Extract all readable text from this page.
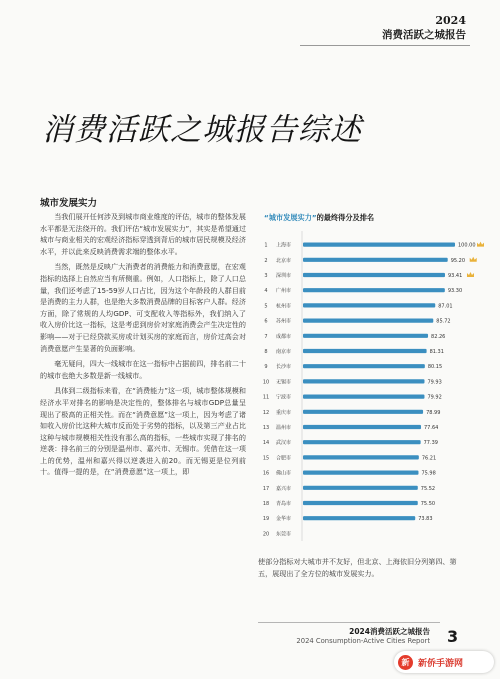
2024
消费活跃之城报告
消费活跃之城报告综述
城市发展实力

当我们展开任何涉及到城市商业维度的评估，城市的整体发展水平都是无法绕开的。我们评估“城市发展实力”，其实是希望通过城市与商业相关的宏观经济指标穿透到背后的城市居民规模及经济水平，并以此来反映消费需求端的整体水平。

当然，既然是反映广大消费者的消费能力和消费意愿，在宏观指标的选择上自然应当有所侧重。例如，人口指标上，除了人口总量，我们还考虑了15-59岁人口占比，因为这个年龄段的人群目前是消费的主力人群，也是绝大多数消费品牌的目标客户人群。经济方面，除了常规的人均GDP、可支配收入等指标外，我们纳入了收入房价比这一指标，这是考虑到房价对家庭消费会产生决定性的影响——对于已经贷款买房或计划买房的家庭而言，房价过高会对消费意愿产生显著的负面影响。

毫无疑问，四大一线城市在这一指标中占据前四，排名前二十的城市也绝大多数是新一线城市。

具体到二级指标来看，在“消费能力”这一项，城市整体规模和经济水平对排名的影响是决定性的，整体排名与城市GDP总量呈现出了极高的正相关性。而在“消费意愿”这一项上，因为考虑了诸如收入房价比这种大城市反而处于劣势的指标，以及第三产业占比这种与城市规模相关性没有那么高的指标，一些城市实现了排名的逆袭：排名前三的分别是温州市、嘉兴市、无锡市。凭借在这一项上的优势，温州和嘉兴得以逆袭进入前20。而无锡更是位列前十。值得一提的是，在“消费意愿”这一项上，即

“城市发展实力”的最终得分及排名
1 上海市	100.00
2 北京市	95.20
3 深圳市	93.41
4 广州市	93.30
5 杭州市	87.01
6 苏州市	85.72
7 成都市	82.26
8 南京市	81.31
9 长沙市	80.15
10 无锡市	79.93
11 宁波市	79.92
12 重庆市	78.99
13 温州市	77.64
14 武汉市	77.39
15 合肥市	76.21
16 佛山市	75.98
17 嘉兴市	75.52
18 青岛市	75.50
19 金华市	73.83
20 东莞市
使部分指标对大城市并不友好，但北京、上海依旧分列第四、第五，展现出了全方位的城市发展实力。
2024消费活跃之城报告
2024 Consumption-Active Cities Report 3
新 新侨手游网
